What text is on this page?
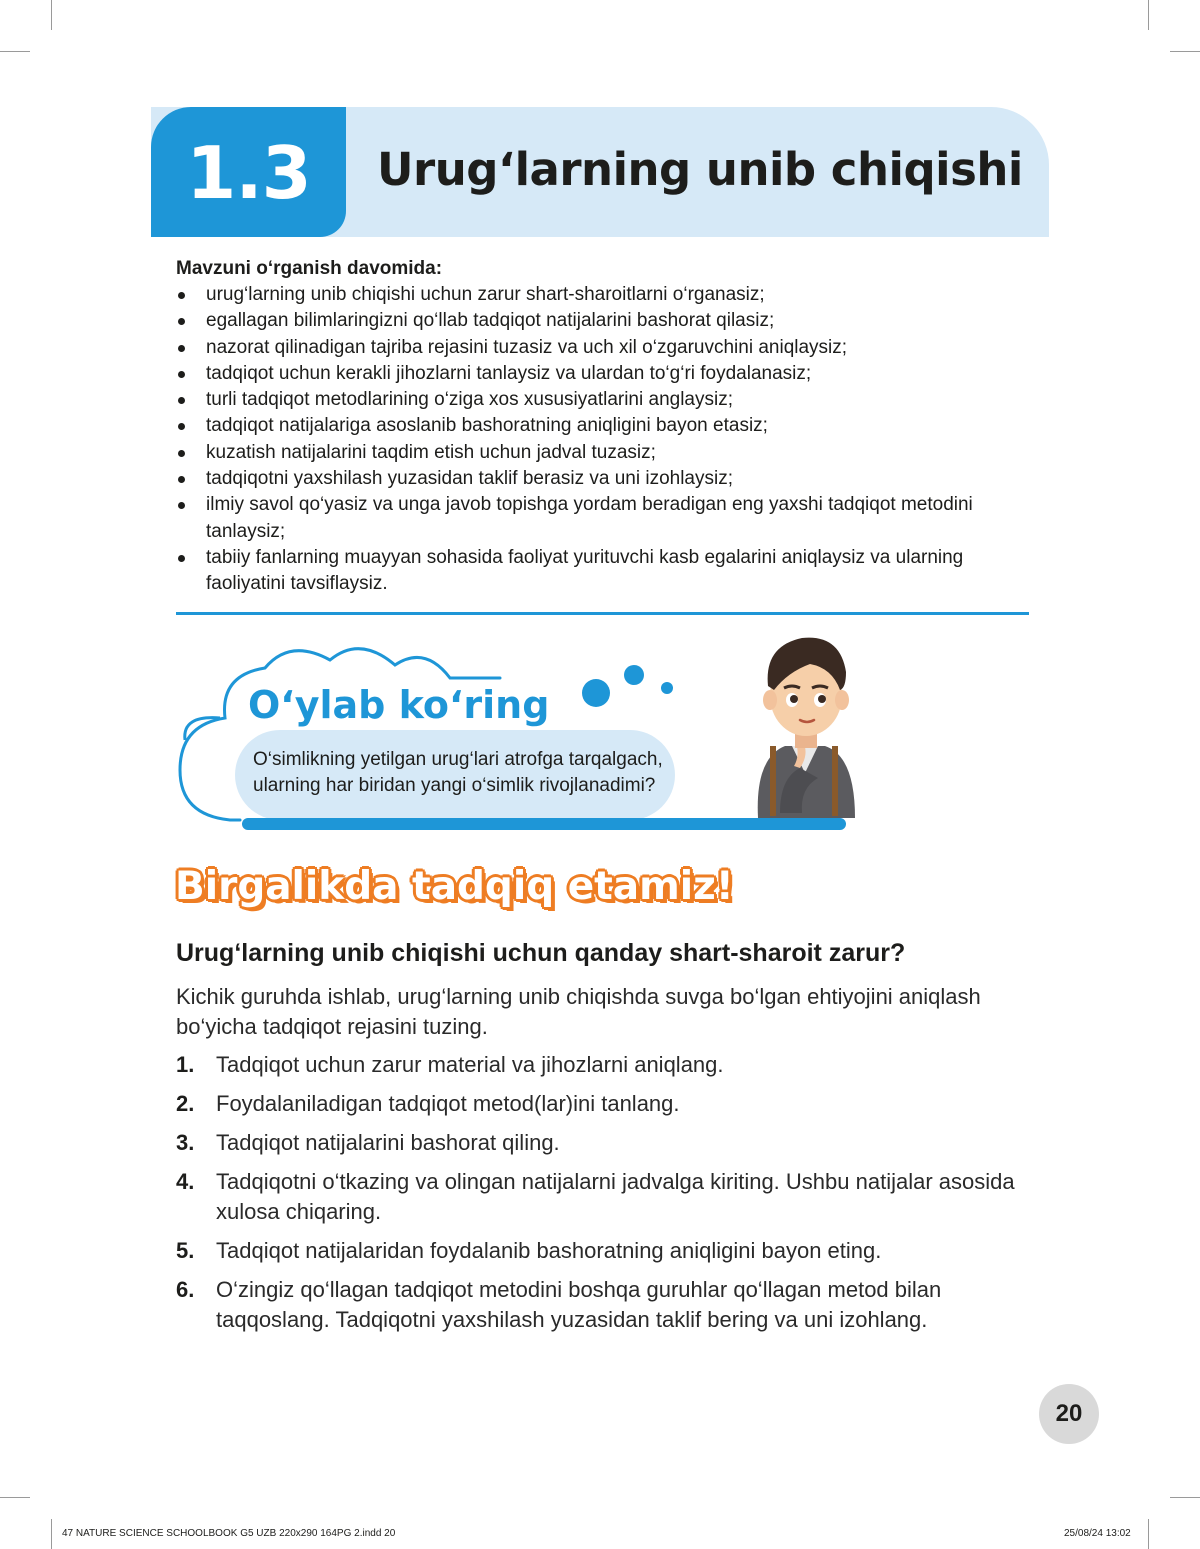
1.3	Urug‘larning unib chiqishi
Mavzuni o‘rganish davomida:
urug‘larning unib chiqishi uchun zarur shart-sharoitlarni o‘rganasiz;
egallagan bilimlaringizni qo‘llab tadqiqot natijalarini bashorat qilasiz;
nazorat qilinadigan tajriba rejasini tuzasiz va uch xil o‘zgaruvchini aniqlaysiz;
tadqiqot uchun kerakli jihozlarni tanlaysiz va ulardan to‘g‘ri foydalanasiz;
turli tadqiqot metodlarining o‘ziga xos xususiyatlarini anglaysiz;
tadqiqot natijalariga asoslanib bashoratning aniqligini bayon etasiz;
kuzatish natijalarini taqdim etish uchun jadval tuzasiz;
tadqiqotni yaxshilash yuzasidan taklif berasiz va uni izohlaysiz;
ilmiy savol qo‘yasiz va unga javob topishga yordam beradigan eng yaxshi tadqiqot metodini tanlaysiz;
tabiiy fanlarning muayyan sohasida faoliyat yurituvchi kasb egalarini aniqlaysiz va ularning faoliyatini tavsiflaysiz.
O‘ylab ko‘ring
O‘simlikning yetilgan urug‘lari atrofga tarqalgach, ularning har biridan yangi o‘simlik rivojlanadimi?
Birgalikda tadqiq etamiz!
Urug‘larning unib chiqishi uchun qanday shart-sharoit zarur?
Kichik guruhda ishlab, urug‘larning unib chiqishda suvga bo‘lgan ehtiyojini aniqlash bo‘yicha tadqiqot rejasini tuzing.
1. Tadqiqot uchun zarur material va jihozlarni aniqlang.
2. Foydalaniladigan tadqiqot metod(lar)ini tanlang.
3. Tadqiqot natijalarini bashorat qiling.
4. Tadqiqotni o‘tkazing va olingan natijalarni jadvalga kiriting. Ushbu natijalar asosida xulosa chiqaring.
5. Tadqiqot natijalaridan foydalanib bashoratning aniqligini bayon eting.
6. O‘zingiz qo‘llagan tadqiqot metodini boshqa guruhlar qo‘llagan metod bilan taqqoslang. Tadqiqotni yaxshilash yuzasidan taklif bering va uni izohlang.
20
47 NATURE SCIENCE SCHOOLBOOK G5 UZB 220x290 164PG 2.indd 20	25/08/24 13:02
